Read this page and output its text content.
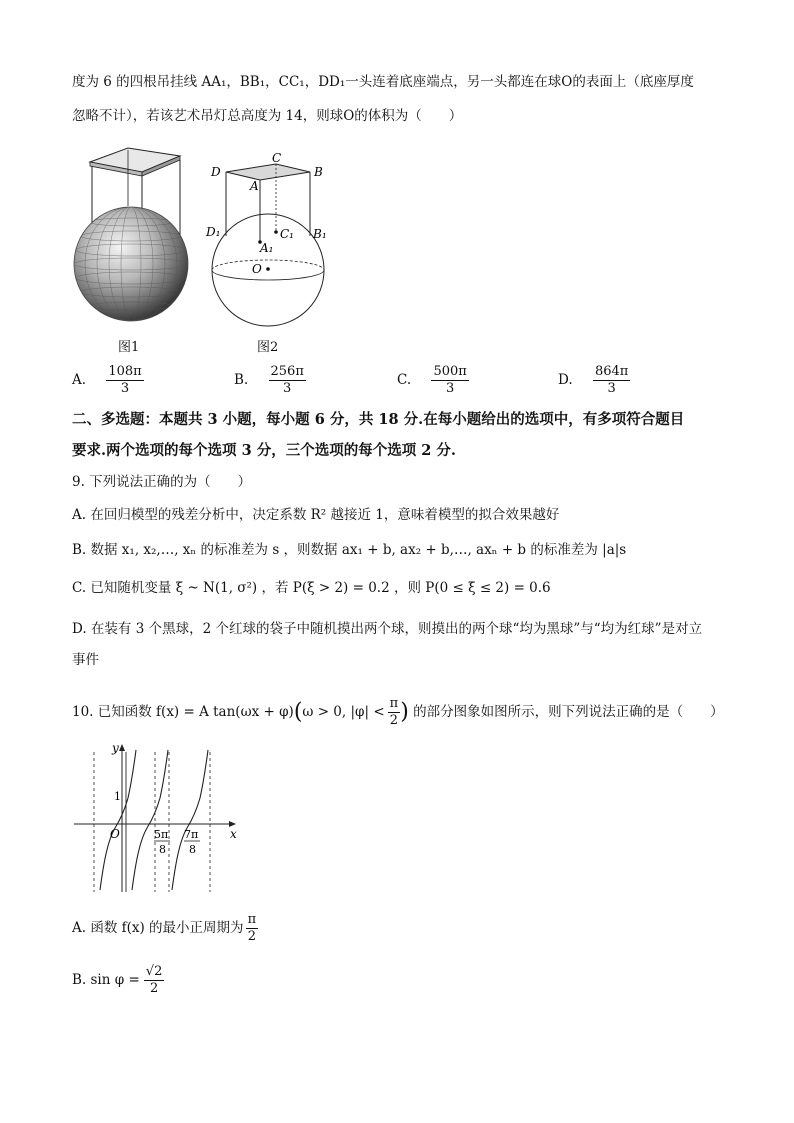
度为 6 的四根吊挂线 AA₁，BB₁，CC₁，DD₁一头连着底座端点，另一头都连在球O的表面上（底座厚度
忽略不计），若该艺术吊灯总高度为 14，则球O的体积为（　　）
图1
C
D	B
A
D₁	C₁
A₁
B₁
O
图2
A. $\frac{108\pi}{3}$	B. $\frac{256\pi}{3}$	C. $\frac{500\pi}{3}$	D. $\frac{864\pi}{3}$
二、多选题：本题共 3 小题，每小题 6 分，共 18 分.在每小题给出的选项中，有多项符合题目
要求.两个选项的每个选项 3 分，三个选项的每个选项 2 分.
9. 下列说法正确的为（　　）
A. 在回归模型的残差分析中，决定系数 R² 越接近 1，意味着模型的拟合效果越好
B. 数据 x₁, x₂,…, xₙ 的标准差为 s ，则数据 ax₁ + b, ax₂ + b,…, axₙ + b 的标准差为 |a|s
C. 已知随机变量 ξ ~ N(1, σ²) ，若 P(ξ > 2) = 0.2 ，则 P(0 ≤ ξ ≤ 2) = 0.6
D. 在装有 3 个黑球，2 个红球的袋子中随机摸出两个球，则摸出的两个球“均为黑球”与“均为红球”是对立
事件
10. 已知函数 f(x) = A tan(ωx + φ)(ω > 0, $|\varphi| < \frac{\pi}{2}$ ) 的部分图象如图所示，则下列说法正确的是（　　）
y
x
1
O	5π
8
7π
8
A. 函数 f(x) 的最小正周期为 $\frac{\pi}{2}$
B. $\sin \varphi = \frac{√2}{2}$
